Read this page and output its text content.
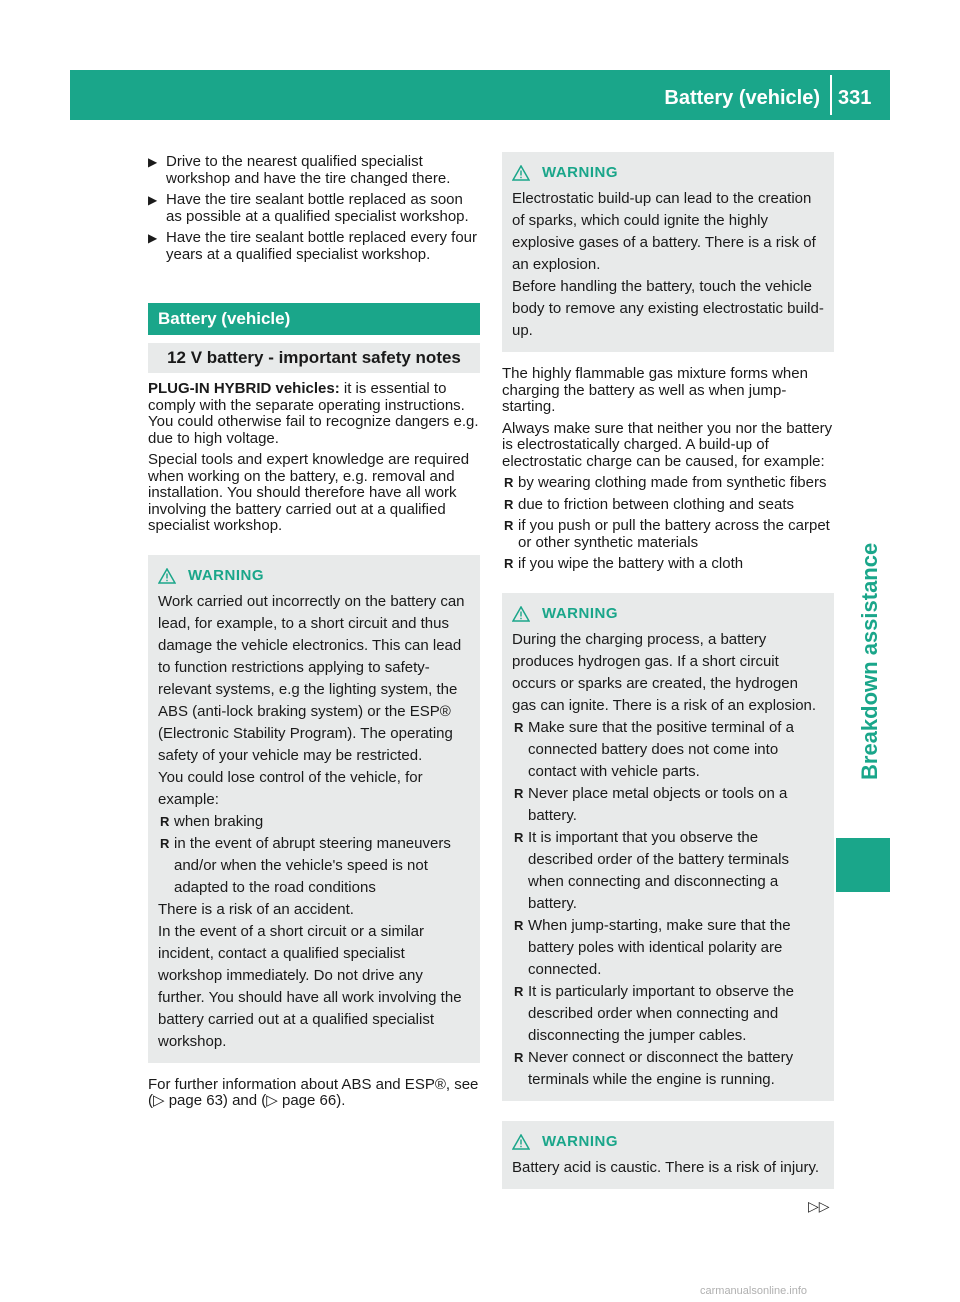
Battery (vehicle) 331
Breakdown assistance
▶ Drive to the nearest qualified specialist workshop and have the tire changed there.
▶ Have the tire sealant bottle replaced as soon as possible at a qualified specialist workshop.
▶ Have the tire sealant bottle replaced every four years at a qualified specialist workshop.
Battery (vehicle)
12 V battery - important safety notes

PLUG-IN HYBRID vehicles: it is essential to comply with the separate operating instructions. You could otherwise fail to recognize dangers e.g. due to high voltage.

Special tools and expert knowledge are required when working on the battery, e.g. removal and installation. You should therefore have all work involving the battery carried out at a qualified specialist workshop.

WARNING

Work carried out incorrectly on the battery can lead, for example, to a short circuit and thus damage the vehicle electronics. This can lead to function restrictions applying to safety-relevant systems, e.g the lighting system, the ABS (anti-lock braking system) or the ESP® (Electronic Stability Program). The operating safety of your vehicle may be restricted.

You could lose control of the vehicle, for example:

R when braking
R in the event of abrupt steering maneuvers and/or when the vehicle's speed is not adapted to the road conditions

There is a risk of an accident.

In the event of a short circuit or a similar incident, contact a qualified specialist workshop immediately. Do not drive any further. You should have all work involving the battery carried out at a qualified specialist workshop.

For further information about ABS and ESP®, see (▷ page 63) and (▷ page 66).

WARNING

Electrostatic build-up can lead to the creation of sparks, which could ignite the highly explosive gases of a battery. There is a risk of an explosion.

Before handling the battery, touch the vehicle body to remove any existing electrostatic build-up.

The highly flammable gas mixture forms when charging the battery as well as when jump-starting.

Always make sure that neither you nor the battery is electrostatically charged. A build-up of electrostatic charge can be caused, for example:

R by wearing clothing made from synthetic fibers
R due to friction between clothing and seats
R if you push or pull the battery across the carpet or other synthetic materials
R if you wipe the battery with a cloth
WARNING

During the charging process, a battery produces hydrogen gas. If a short circuit occurs or sparks are created, the hydrogen gas can ignite. There is a risk of an explosion.

R Make sure that the positive terminal of a connected battery does not come into contact with vehicle parts.
R Never place metal objects or tools on a battery.
R It is important that you observe the described order of the battery terminals when connecting and disconnecting a battery.
R When jump-starting, make sure that the battery poles with identical polarity are connected.
R It is particularly important to observe the described order when connecting and disconnecting the jumper cables.
R Never connect or disconnect the battery terminals while the engine is running.
WARNING

Battery acid is caustic. There is a risk of injury.

▷▷
carmanualsonline.info
